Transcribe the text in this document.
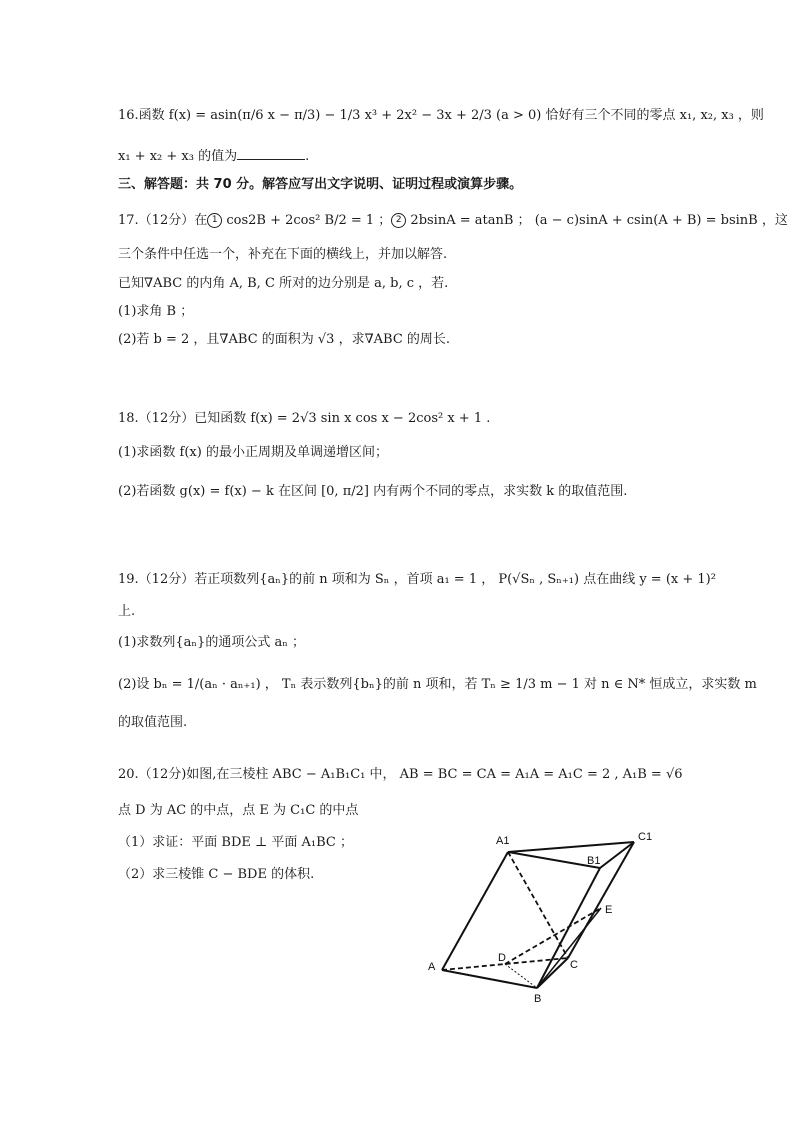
16.函数 f(x) = asin(π/6 x − π/3) − 1/3 x³ + 2x² − 3x + 2/3 (a > 0) 恰好有三个不同的零点 x₁, x₂, x₃ ，则
x₁ + x₂ + x₃ 的值为	.
三、解答题：共 70 分。解答应写出文字说明、证明过程或演算步骤。
17.（12分）在 1 cos2B + 2cos² B/2 = 1 ； 2 2bsinA = atanB ； (a − c)sinA + csin(A + B) = bsinB ，这
三个条件中任选一个，补充在下面的横线上，并加以解答.
已知∇ABC 的内角 A, B, C 所对的边分别是 a, b, c ，若.
(1)求角 B ；
(2)若 b = 2 ，且∇ABC 的面积为 √3 ，求∇ABC 的周长.
18.（12分）已知函数 f(x) = 2√3 sin x cos x − 2cos² x + 1 .
(1)求函数 f(x) 的最小正周期及单调递增区间；
(2)若函数 g(x) = f(x) − k 在区间 [0, π/2] 内有两个不同的零点，求实数 k 的取值范围.
19.（12分）若正项数列{aₙ}的前 n 项和为 Sₙ ，首项 a₁ = 1 ， P(√Sₙ , Sₙ₊₁) 点在曲线 y = (x + 1)²
上.
(1)求数列{aₙ}的通项公式 aₙ ；
(2)设 bₙ = 1/(aₙ · aₙ₊₁) ， Tₙ 表示数列{bₙ}的前 n 项和，若 Tₙ ≥ 1/3 m − 1 对 n ∈ N* 恒成立，求实数 m
的取值范围.
20.（12分)如图,在三棱柱 ABC − A₁B₁C₁ 中， AB = BC = CA = A₁A = A₁C = 2 , A₁B = √6
点 D 为 AC 的中点，点 E 为 C₁C 的中点
（1）求证：平面 BDE ⊥ 平面 A₁BC ；
（2）求三棱锥 C − BDE 的体积.
A1	C1
B1
E
D
C
A
B
